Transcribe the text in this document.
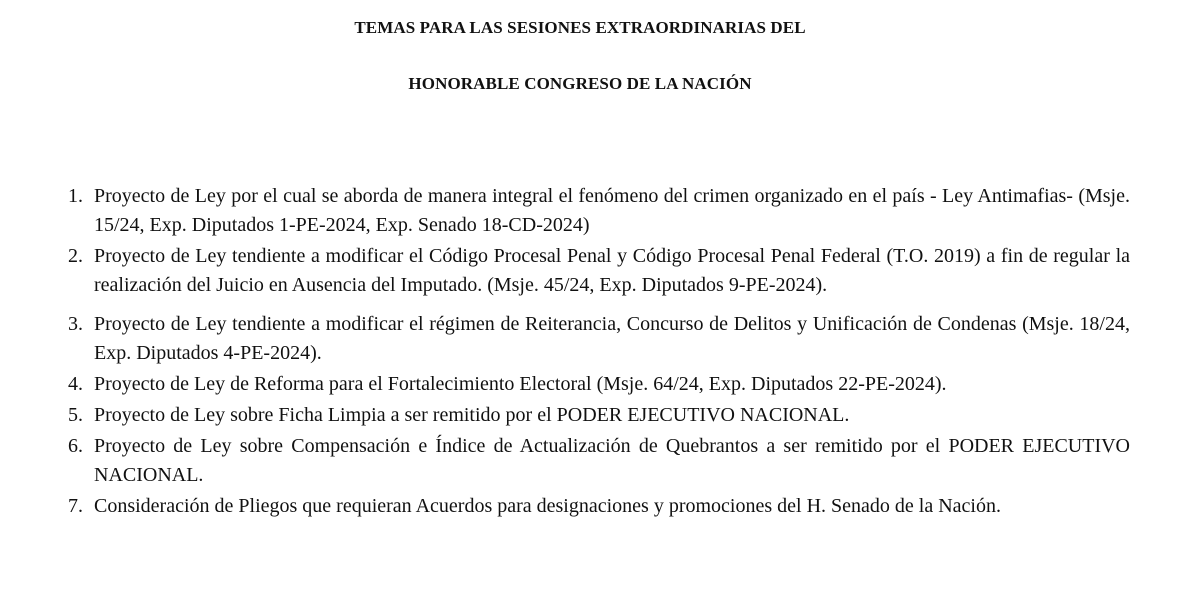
TEMAS PARA LAS SESIONES EXTRAORDINARIAS DEL
HONORABLE CONGRESO DE LA NACIÓN
1. Proyecto de Ley por el cual se aborda de manera integral el fenómeno del crimen organizado en el país - Ley Antimafias- (Msje. 15/24, Exp. Diputados 1-PE-2024, Exp. Senado 18-CD-2024)
2. Proyecto de Ley tendiente a modificar el Código Procesal Penal y Código Procesal Penal Federal (T.O. 2019) a fin de regular la realización del Juicio en Ausencia del Imputado. (Msje. 45/24, Exp. Diputados 9-PE-2024).
3. Proyecto de Ley tendiente a modificar el régimen de Reiterancia, Concurso de Delitos y Unificación de Condenas (Msje. 18/24, Exp. Diputados 4-PE-2024).
4. Proyecto de Ley de Reforma para el Fortalecimiento Electoral (Msje. 64/24, Exp. Diputados 22-PE-2024).
5. Proyecto de Ley sobre Ficha Limpia a ser remitido por el PODER EJECUTIVO NACIONAL.
6. Proyecto de Ley sobre Compensación e Índice de Actualización de Quebrantos a ser remitido por el PODER EJECUTIVO NACIONAL.
7. Consideración de Pliegos que requieran Acuerdos para designaciones y promociones del H. Senado de la Nación.
